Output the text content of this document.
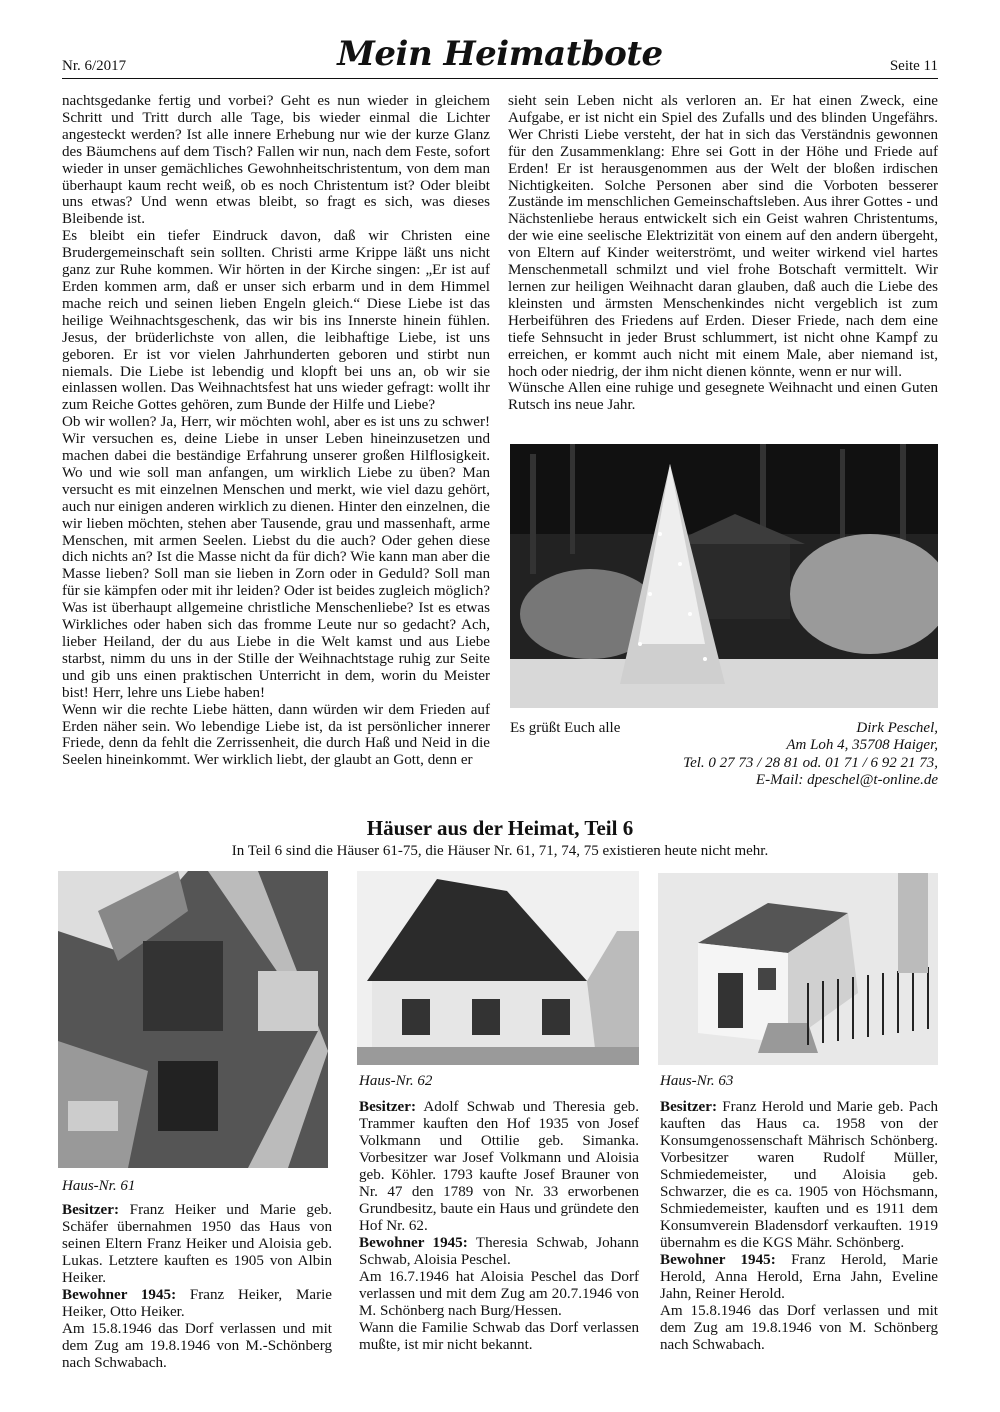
Nr. 6/2017	Mein Heimatbote	Seite 11

nachtsgedanke fertig und vorbei? Geht es nun wieder in gleichem Schritt und Tritt durch alle Tage, bis wieder einmal die Lichter angesteckt werden? Ist alle innere Erhebung nur wie der kurze Glanz des Bäumchens auf dem Tisch? Fallen wir nun, nach dem Feste, sofort wieder in unser gemächliches Gewohnheitschristentum, von dem man überhaupt kaum recht weiß, ob es noch Christentum ist? Oder bleibt uns etwas? Und wenn etwas bleibt, so fragt es sich, was dieses Bleibende ist.

Es bleibt ein tiefer Eindruck davon, daß wir Christen eine Brudergemeinschaft sein sollten. Christi arme Krippe läßt uns nicht ganz zur Ruhe kommen. Wir hörten in der Kirche singen: „Er ist auf Erden kommen arm, daß er unser sich erbarm und in dem Himmel mache reich und seinen lieben Engeln gleich.“ Diese Liebe ist das heilige Weihnachtsgeschenk, das wir bis ins Innerste hinein fühlen. Jesus, der brüderlichste von allen, die leibhaftige Liebe, ist uns geboren. Er ist vor vielen Jahrhunderten geboren und stirbt nun niemals. Die Liebe ist lebendig und klopft bei uns an, ob wir sie einlassen wollen. Das Weihnachtsfest hat uns wieder gefragt: wollt ihr zum Reiche Gottes gehören, zum Bunde der Hilfe und Liebe?

Ob wir wollen? Ja, Herr, wir möchten wohl, aber es ist uns zu schwer! Wir versuchen es, deine Liebe in unser Leben hineinzusetzen und machen dabei die beständige Erfahrung unserer großen Hilflosigkeit. Wo und wie soll man anfangen, um wirklich Liebe zu üben? Man versucht es mit einzelnen Menschen und merkt, wie viel dazu gehört, auch nur einigen anderen wirklich zu dienen. Hinter den einzelnen, die wir lieben möchten, stehen aber Tausende, grau und massenhaft, arme Menschen, mit armen Seelen. Liebst du die auch? Oder gehen diese dich nichts an? Ist die Masse nicht da für dich? Wie kann man aber die Masse lieben? Soll man sie lieben in Zorn oder in Geduld? Soll man für sie kämpfen oder mit ihr leiden? Oder ist beides zugleich möglich? Was ist überhaupt allgemeine christliche Menschenliebe? Ist es etwas Wirkliches oder haben sich das fromme Leute nur so gedacht? Ach, lieber Heiland, der du aus Liebe in die Welt kamst und aus Liebe starbst, nimm du uns in der Stille der Weihnachtstage ruhig zur Seite und gib uns einen praktischen Unterricht in dem, worin du Meister bist! Herr, lehre uns Liebe haben!

Wenn wir die rechte Liebe hätten, dann würden wir dem Frieden auf Erden näher sein. Wo lebendige Liebe ist, da ist persönlicher innerer Friede, denn da fehlt die Zerrissenheit, die durch Haß und Neid in die Seelen hineinkommt. Wer wirklich liebt, der glaubt an Gott, denn er

sieht sein Leben nicht als verloren an. Er hat einen Zweck, eine Aufgabe, er ist nicht ein Spiel des Zufalls und des blinden Ungefährs. Wer Christi Liebe versteht, der hat in sich das Verständnis gewonnen für den Zusammenklang: Ehre sei Gott in der Höhe und Friede auf Erden! Er ist herausgenommen aus der Welt der bloßen irdischen Nichtigkeiten. Solche Personen aber sind die Vorboten besserer Zustände im menschlichen Gemeinschaftsleben. Aus ihrer Gottes - und Nächstenliebe heraus entwickelt sich ein Geist wahren Christentums, der wie eine seelische Elektrizität von einem auf den andern übergeht, von Eltern auf Kinder weiterströmt, und weiter wirkend viel hartes Menschenmetall schmilzt und viel frohe Botschaft vermittelt. Wir lernen zur heiligen Weihnacht daran glauben, daß auch die Liebe des kleinsten und ärmsten Menschenkindes nicht vergeblich ist zum Herbeiführen des Friedens auf Erden. Dieser Friede, nach dem eine tiefe Sehnsucht in jeder Brust schlummert, ist nicht ohne Kampf zu erreichen, er kommt auch nicht mit einem Male, aber niemand ist, hoch oder niedrig, der ihm nicht dienen könnte, wenn er nur will.

Wünsche Allen eine ruhige und gesegnete Weihnacht und einen Guten Rutsch ins neue Jahr.

Es grüßt Euch alle	Dirk Peschel,
Am Loh 4, 35708 Haiger,
Tel. 0 27 73 / 28 81 od. 01 71 / 6 92 21 73,
E-Mail: dpeschel@t-online.de
Häuser aus der Heimat, Teil 6
In Teil 6 sind die Häuser 61-75, die Häuser Nr. 61, 71, 74, 75 existieren heute nicht mehr.
Haus-Nr. 61

Besitzer: Franz Heiker und Marie geb. Schäfer übernahmen 1950 das Haus von seinen Eltern Franz Heiker und Aloisia geb. Lukas. Letztere kauften es 1905 von Albin Heiker.

Bewohner 1945: Franz Heiker, Marie Heiker, Otto Heiker.

Am 15.8.1946 das Dorf verlassen und mit dem Zug am 19.8.1946 von M.-Schönberg nach Schwabach.

Haus-Nr. 62

Besitzer: Adolf Schwab und Theresia geb. Trammer kauften den Hof 1935 von Josef Volkmann und Ottilie geb. Simanka. Vorbesitzer war Josef Volkmann und Aloisia geb. Köhler. 1793 kaufte Josef Brauner von Nr. 47 den 1789 von Nr. 33 erworbenen Grundbesitz, baute ein Haus und gründete den Hof Nr. 62.

Bewohner 1945: Theresia Schwab, Johann Schwab, Aloisia Peschel.

Am 16.7.1946 hat Aloisia Peschel das Dorf verlassen und mit dem Zug am 20.7.1946 von M. Schönberg nach Burg/Hessen.

Wann die Familie Schwab das Dorf verlassen mußte, ist mir nicht bekannt.

Haus-Nr. 63

Besitzer: Franz Herold und Marie geb. Pach kauften das Haus ca. 1958 von der Konsumgenossenschaft Mährisch Schönberg. Vorbesitzer waren Rudolf Müller, Schmiedemeister, und Aloisia geb. Schwarzer, die es ca. 1905 von Höchsmann, Schmiedemeister, kauften und es 1911 dem Konsumverein Bladensdorf verkauften. 1919 übernahm es die KGS Mähr. Schönberg.

Bewohner 1945: Franz Herold, Marie Herold, Anna Herold, Erna Jahn, Eveline Jahn, Reiner Herold.

Am 15.8.1946 das Dorf verlassen und mit dem Zug am 19.8.1946 von M. Schönberg nach Schwabach.
